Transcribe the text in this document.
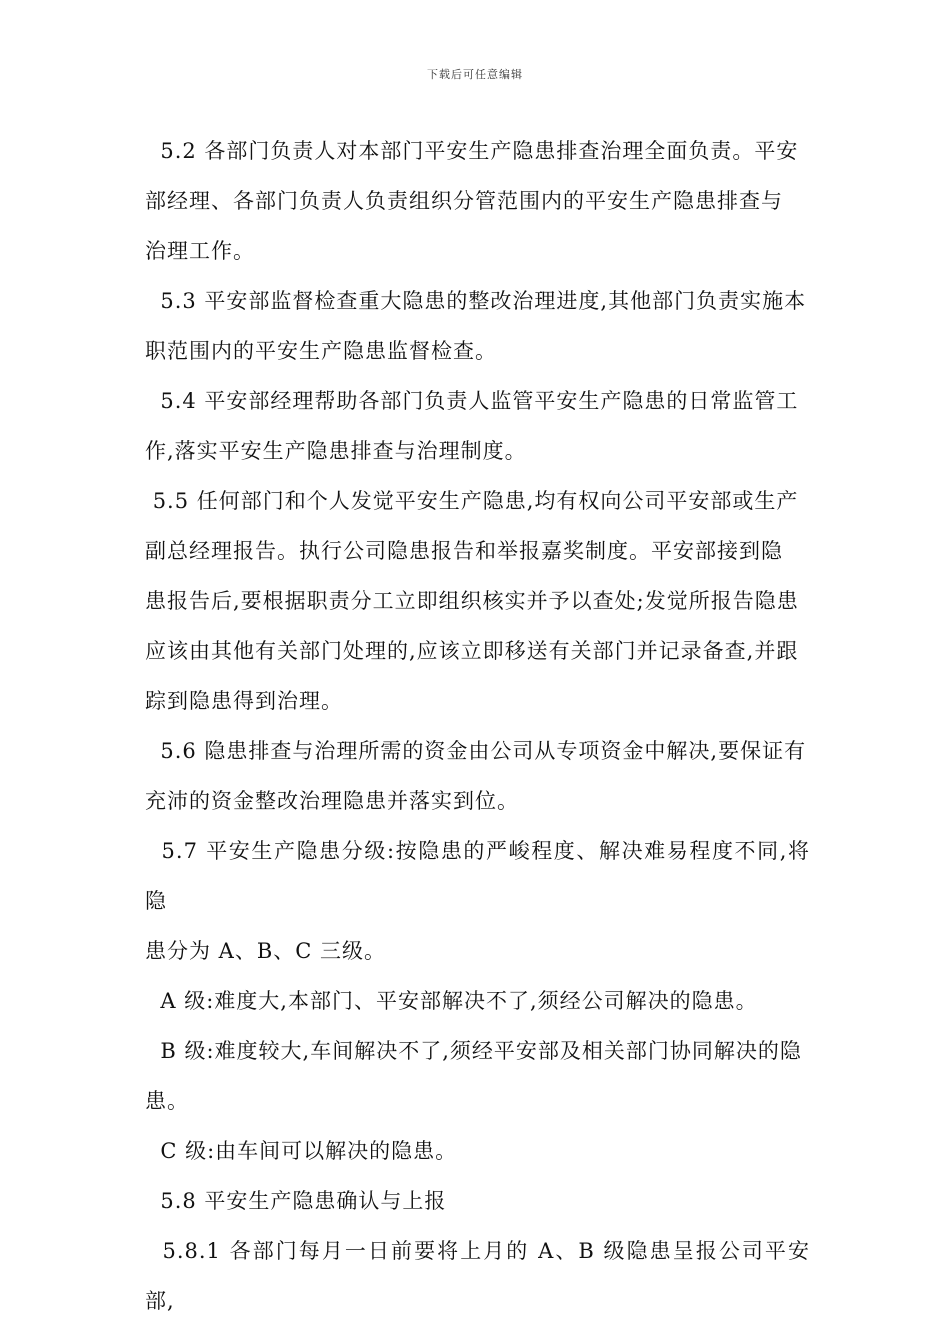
下载后可任意编辑

5.2 各部门负责人对本部门平安生产隐患排查治理全面负责。平安

部经理、各部门负责人负责组织分管范围内的平安生产隐患排查与

治理工作。

5.3 平安部监督检查重大隐患的整改治理进度,其他部门负责实施本

职范围内的平安生产隐患监督检查。

5.4 平安部经理帮助各部门负责人监管平安生产隐患的日常监管工

作,落实平安生产隐患排查与治理制度。

5.5 任何部门和个人发觉平安生产隐患,均有权向公司平安部或生产

副总经理报告。执行公司隐患报告和举报嘉奖制度。平安部接到隐

患报告后,要根据职责分工立即组织核实并予以查处;发觉所报告隐患

应该由其他有关部门处理的,应该立即移送有关部门并记录备查,并跟

踪到隐患得到治理。

5.6 隐患排查与治理所需的资金由公司从专项资金中解决,要保证有

充沛的资金整改治理隐患并落实到位。

5.7 平安生产隐患分级:按隐患的严峻程度、解决难易程度不同,将隐

患分为 A、B、C 三级。

A 级:难度大,本部门、平安部解决不了,须经公司解决的隐患。

B 级:难度较大,车间解决不了,须经平安部及相关部门协同解决的隐

患。

C 级:由车间可以解决的隐患。

5.8 平安生产隐患确认与上报

5.8.1 各部门每月一日前要将上月的 A、B 级隐患呈报公司平安部,
